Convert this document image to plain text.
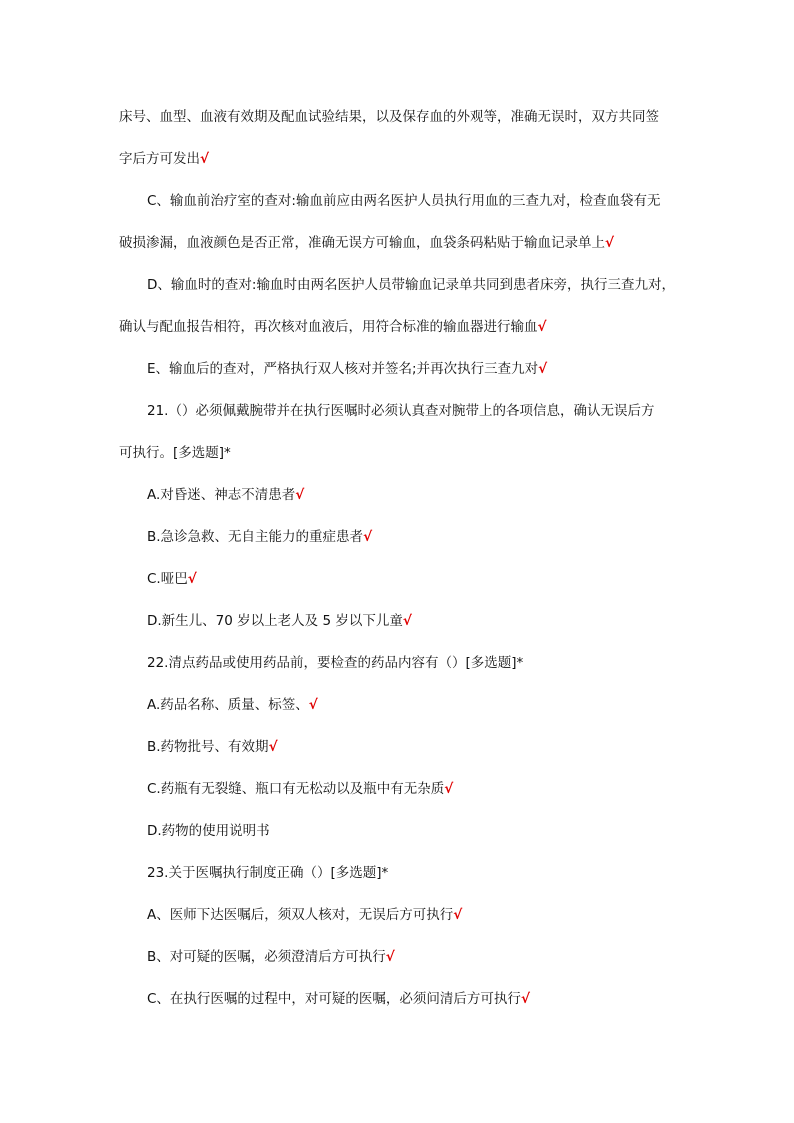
床号、血型、血液有效期及配血试验结果，以及保存血的外观等，准确无误时，双方共同签
字后方可发出√
C、输血前治疗室的查对:输血前应由两名医护人员执行用血的三查九对，检查血袋有无
破损渗漏，血液颜色是否正常，准确无误方可输血，血袋条码粘贴于输血记录单上√
D、输血时的查对:输血时由两名医护人员带输血记录单共同到患者床旁，执行三查九对，
确认与配血报告相符，再次核对血液后，用符合标准的输血器进行输血√
E、输血后的查对，严格执行双人核对并签名;并再次执行三查九对√
21.（）必须佩戴腕带并在执行医嘱时必须认真查对腕带上的各项信息，确认无误后方
可执行。[多选题]*
A.对昏迷、神志不清患者√
B.急诊急救、无自主能力的重症患者√
C.哑巴√
D.新生儿、70 岁以上老人及 5 岁以下儿童√
22.清点药品或使用药品前，要检查的药品内容有（）[多选题]*
A.药品名称、质量、标签、√
B.药物批号、有效期√
C.药瓶有无裂缝、瓶口有无松动以及瓶中有无杂质√
D.药物的使用说明书
23.关于医嘱执行制度正确（）[多选题]*
A、医师下达医嘱后，须双人核对，无误后方可执行√
B、对可疑的医嘱，必须澄清后方可执行√
C、在执行医嘱的过程中，对可疑的医嘱，必须问清后方可执行√
